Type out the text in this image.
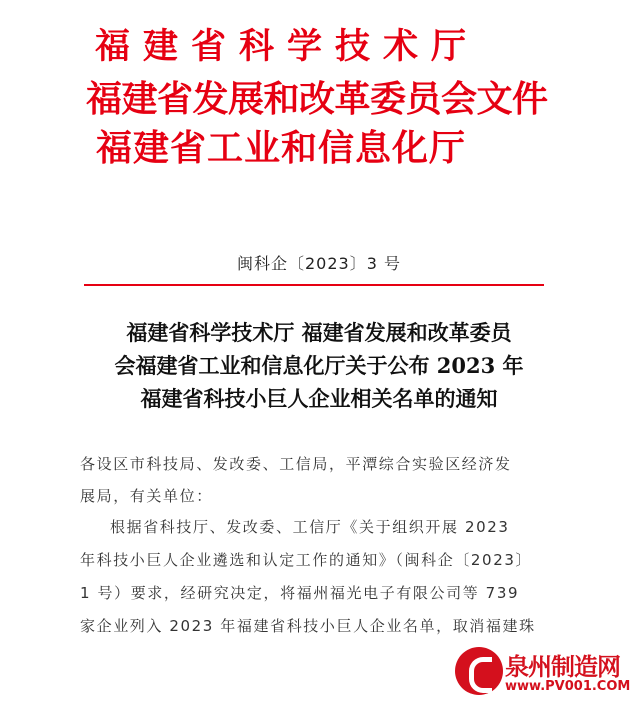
福建省科学技术厅
福建省发展和改革委员会文件
福建省工业和信息化厅
闽科企〔2023〕3 号
福建省科学技术厅 福建省发展和改革委员
会福建省工业和信息化厅关于公布 2023 年
福建省科技小巨人企业相关名单的通知
各设区市科技局、发改委、工信局，平潭综合实验区经济发
展局，有关单位：
根据省科技厅、发改委、工信厅《关于组织开展 2023
年科技小巨人企业遴选和认定工作的通知》（闽科企〔2023〕
1 号）要求，经研究决定，将福州福光电子有限公司等 739
家企业列入 2023 年福建省科技小巨人企业名单，取消福建珠
泉州制造网
www.PV001.COM
